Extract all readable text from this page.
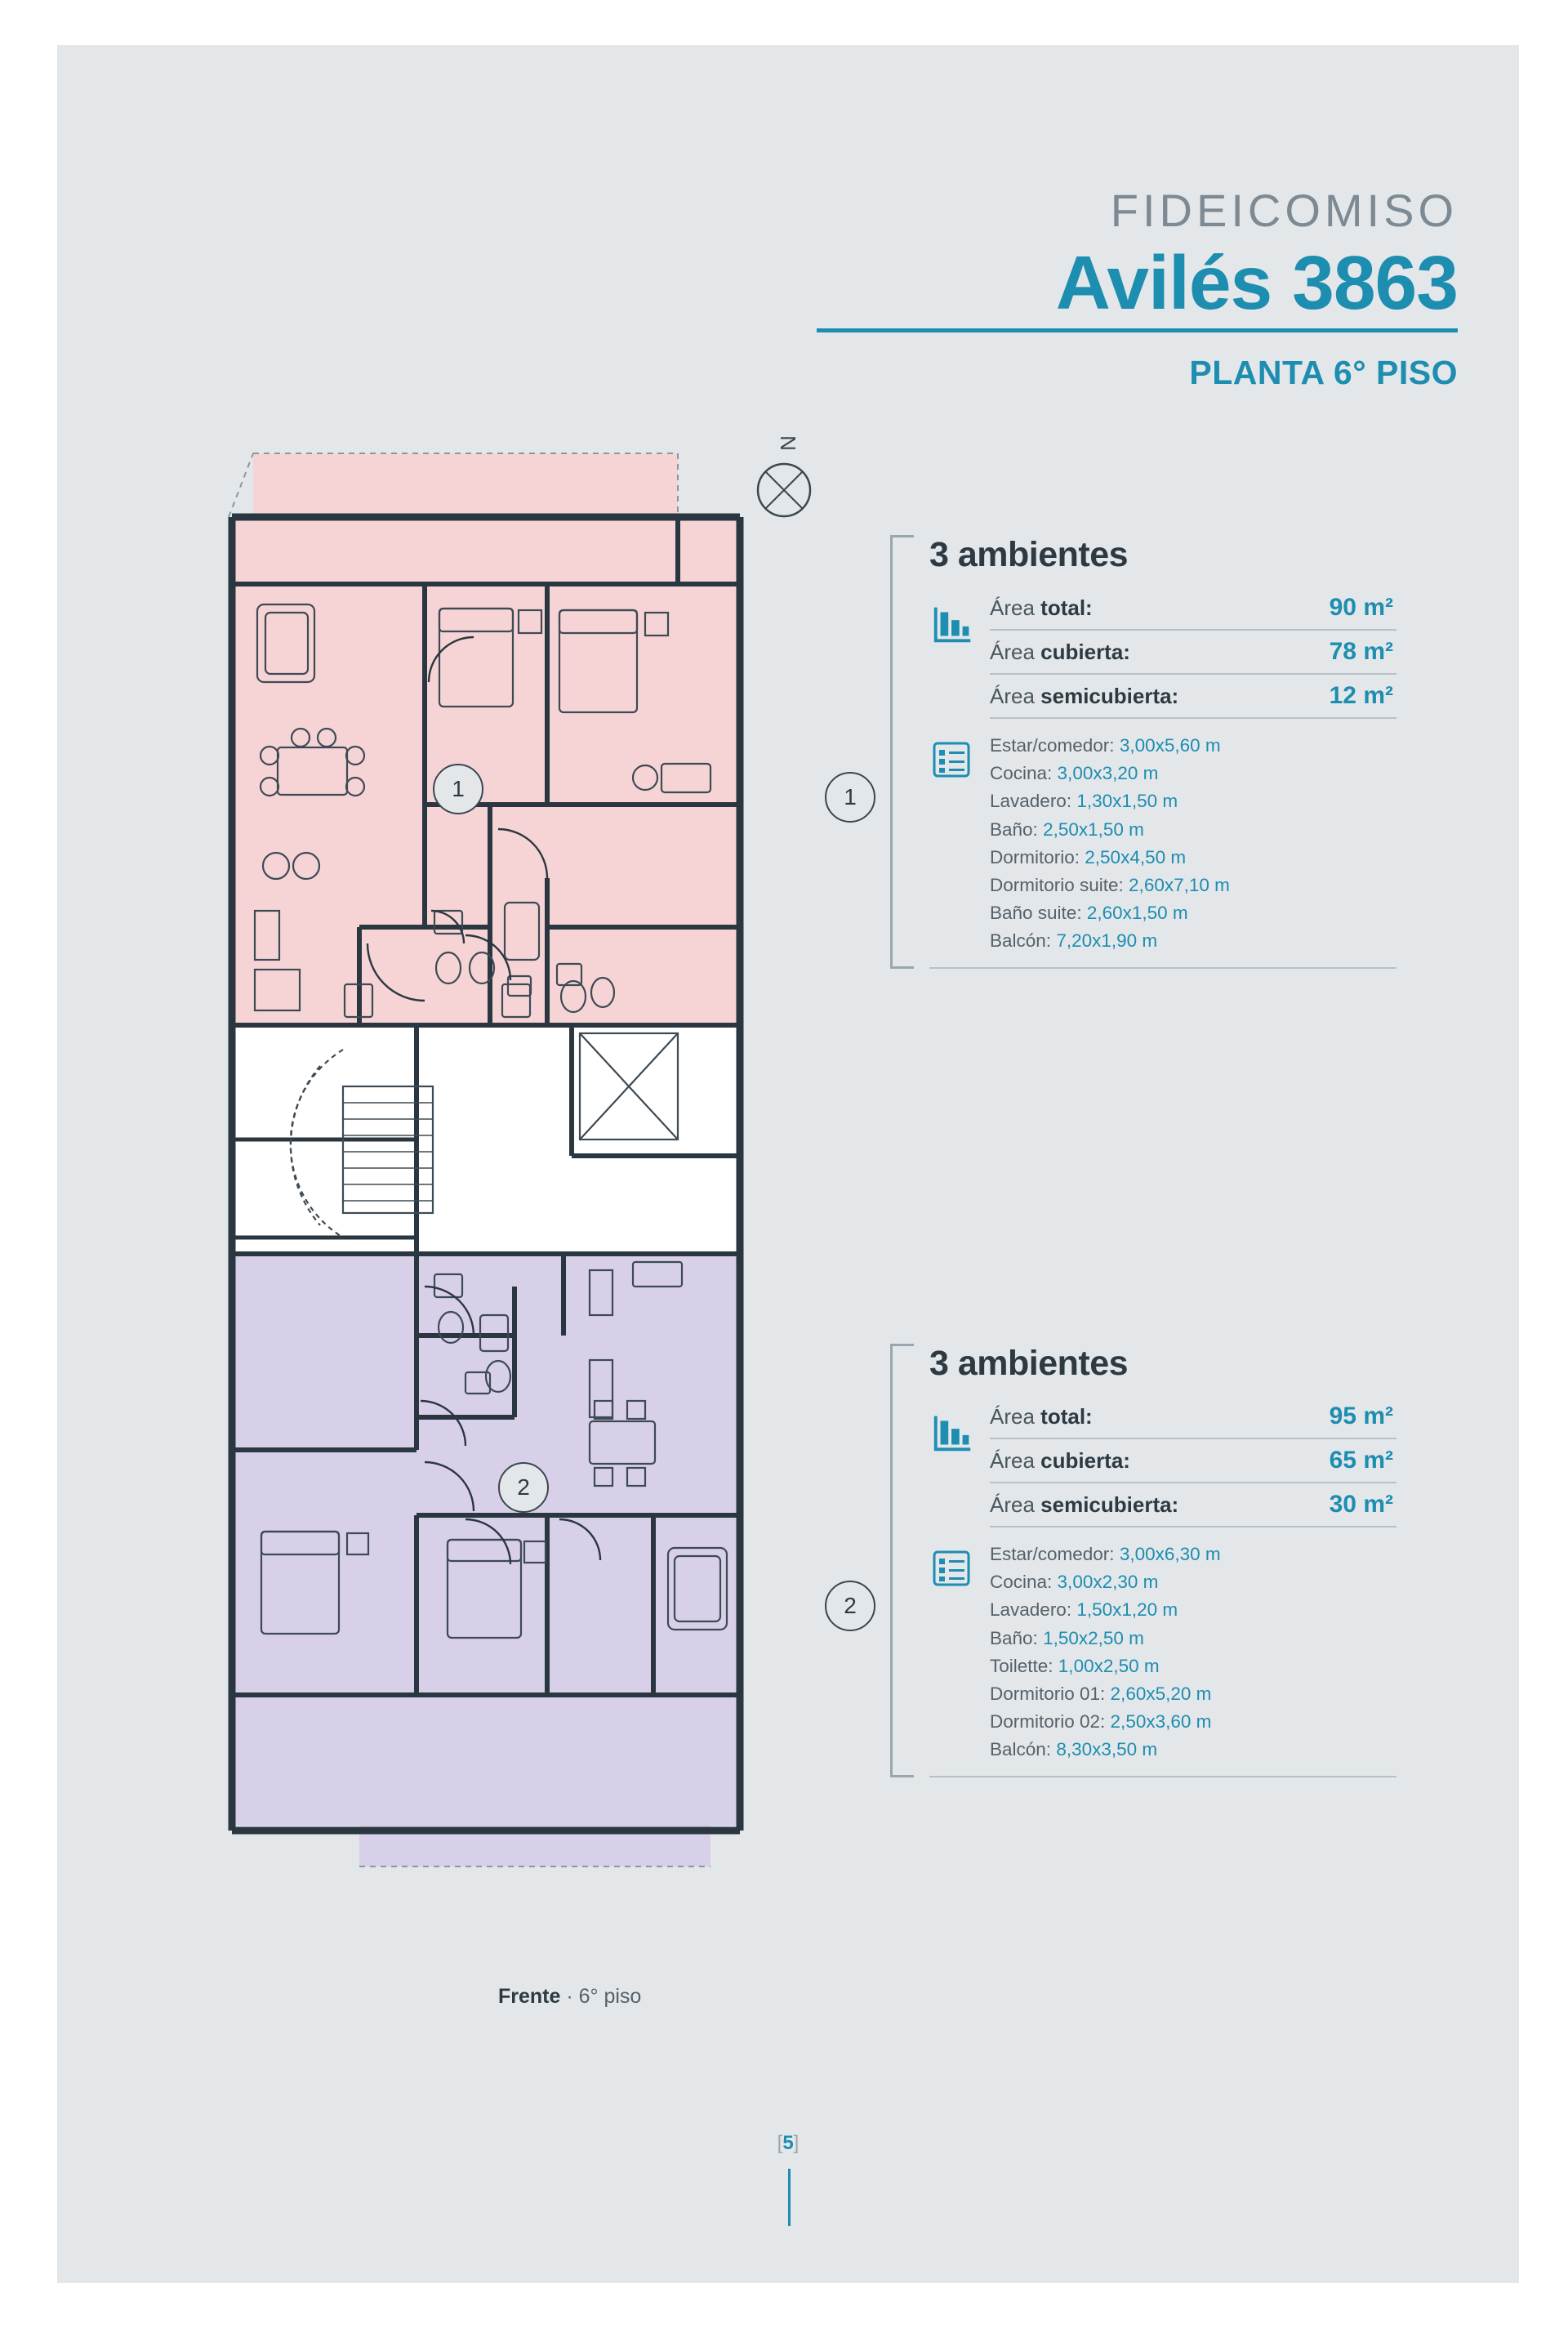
FIDEICOMISO
Avilés 3863
PLANTA 6° PISO
1
2
N
Frente · 6° piso
3 ambientes
Área total:	90 m²
Área cubierta:	78 m²
Área semicubierta:	12 m²
Estar/comedor: 3,00x5,60 m
Cocina: 3,00x3,20 m
Lavadero: 1,30x1,50 m
Baño: 2,50x1,50 m
Dormitorio: 2,50x4,50 m
Dormitorio suite: 2,60x7,10 m
Baño suite: 2,60x1,50 m
Balcón: 7,20x1,90 m
1
3 ambientes
Área total:	95 m²
Área cubierta:	65 m²
Área semicubierta:	30 m²
Estar/comedor: 3,00x6,30 m
Cocina: 3,00x2,30 m
Lavadero: 1,50x1,20 m
Baño: 1,50x2,50 m
Toilette: 1,00x2,50 m
Dormitorio 01: 2,60x5,20 m
Dormitorio 02: 2,50x3,60 m
Balcón: 8,30x3,50 m
2
[5]
